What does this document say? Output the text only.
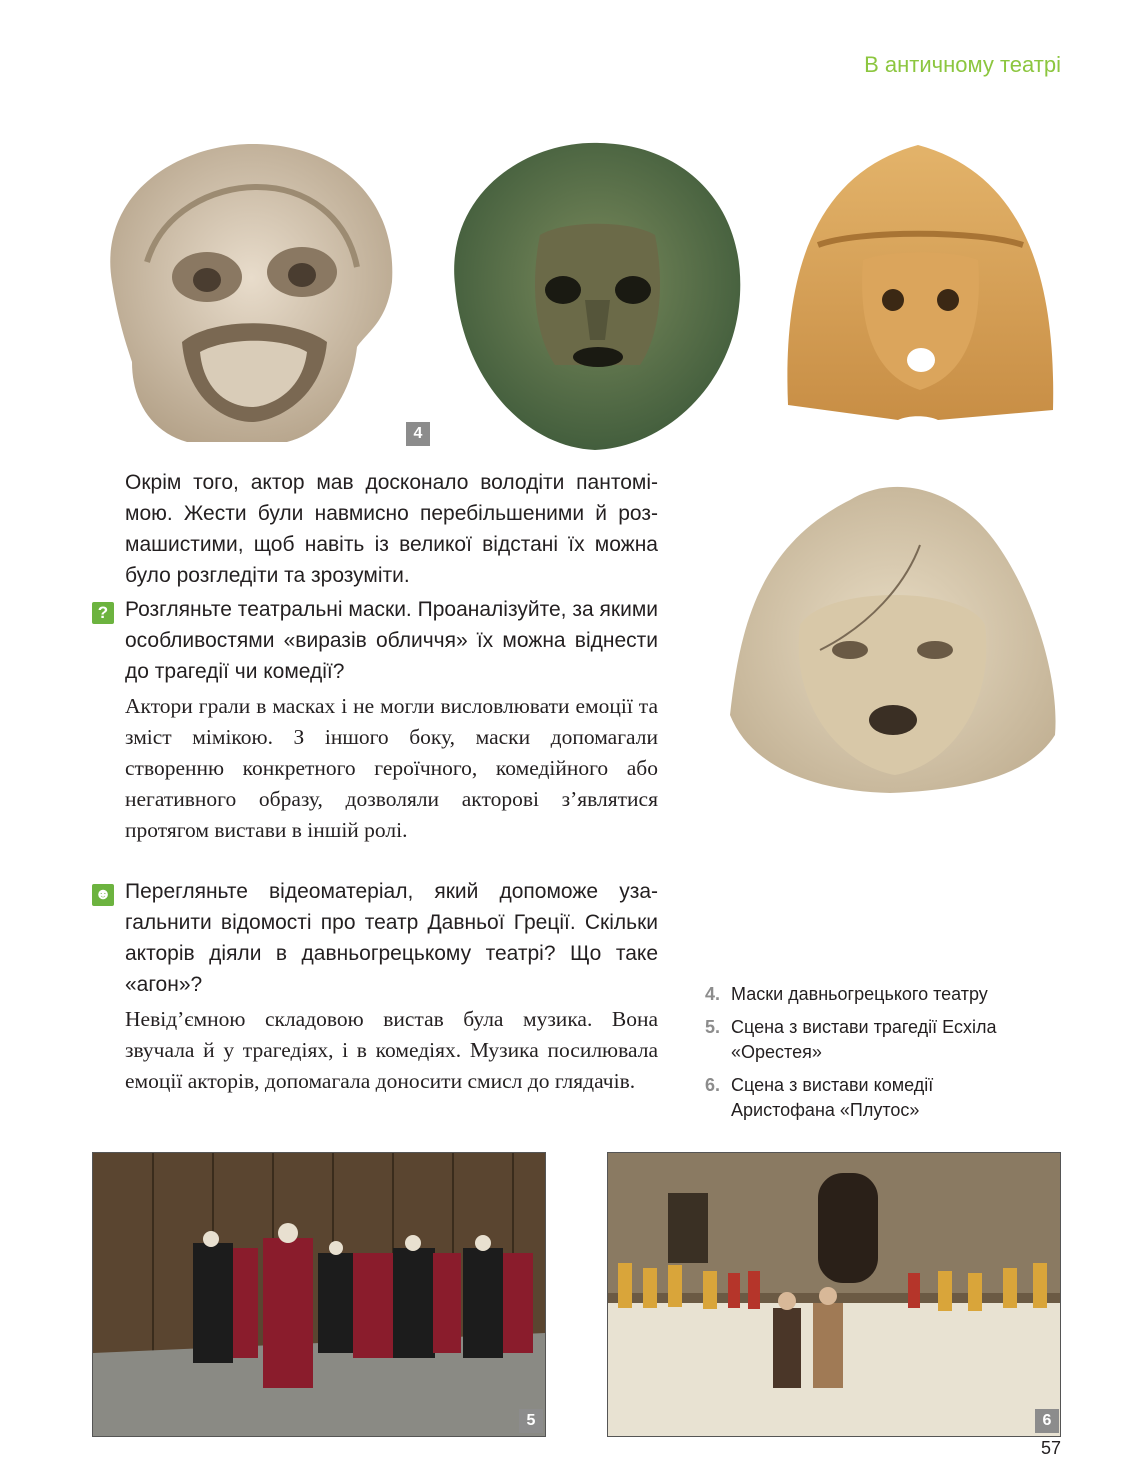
В античному театрі
4
Окрім того, актор мав досконало володіти пантомімою. Жести були навмисно перебільшеними й розмашистими, щоб навіть із великої відстані їх можна було розгледіти та зрозуміти.
? Розгляньте театральні маски. Проаналізуйте, за якими особливостями «виразів обличчя» їх можна віднести до трагедії чи комедії?
Актори грали в масках і не могли висловлювати емоції та зміст мімікою. З іншого боку, маски допомагали створенню конкретного героїчного, комедійного або негативного образу, дозволяли акторові з’являтися протягом вистави в іншій ролі.
☻ Перегляньте відеоматеріал, який допоможе узагальнити відомості про театр Давньої Греції. Скільки акторів діяли в давньогрецькому театрі? Що таке «агон»?
Невід’ємною складовою вистав була музика. Вона звучала й у трагедіях, і в комедіях. Музика посилювала емоції акторів, допомагала доносити смисл до глядачів.
4. Маски давньогрецького театру
5. Сцена з вистави трагедії Есхіла «Орестея»
6. Сцена з вистави комедії Аристофана «Плутос»
5	6
57
